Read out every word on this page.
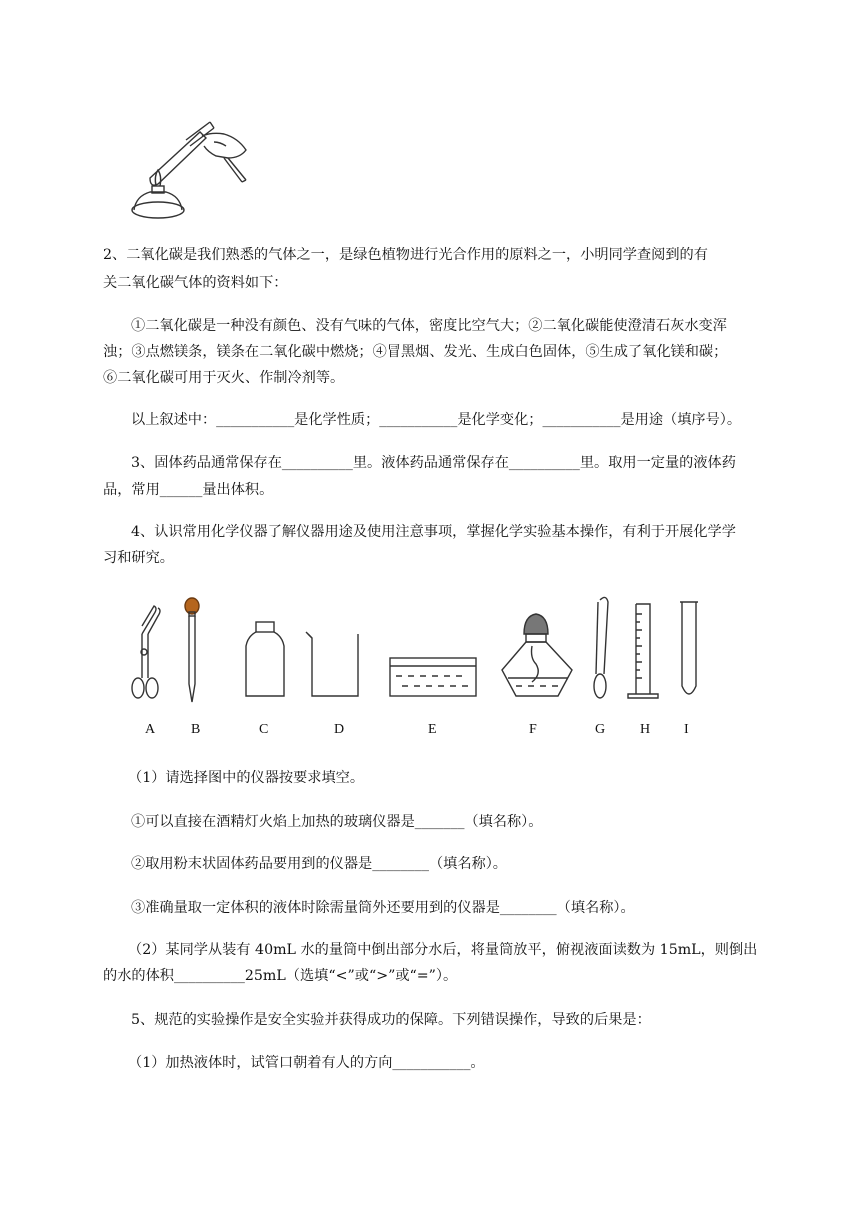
2、二氧化碳是我们熟悉的气体之一，是绿色植物进行光合作用的原料之一，小明同学查阅到的有
关二氧化碳气体的资料如下：
①二氧化碳是一种没有颜色、没有气味的气体，密度比空气大；②二氧化碳能使澄清石灰水变浑
浊；③点燃镁条，镁条在二氧化碳中燃烧；④冒黑烟、发光、生成白色固体，⑤生成了氧化镁和碳；
⑥二氧化碳可用于灭火、作制冷剂等。
以上叙述中：___________是化学性质；___________是化学变化；___________是用途（填序号）。
3、固体药品通常保存在__________里。液体药品通常保存在__________里。取用一定量的液体药
品，常用______量出体积。
4、认识常用化学仪器了解仪器用途及使用注意事项，掌握化学实验基本操作，有利于开展化学学
习和研究。
A	B	C	D	E	F	G H I
（1）请选择图中的仪器按要求填空。
①可以直接在酒精灯火焰上加热的玻璃仪器是_______（填名称）。
②取用粉末状固体药品要用到的仪器是________（填名称）。
③准确量取一定体积的液体时除需量筒外还要用到的仪器是________（填名称）。
（2）某同学从装有 40mL 水的量筒中倒出部分水后，将量筒放平，俯视液面读数为 15mL，则倒出
的水的体积__________25mL（选填“<”或“>”或“=”）。
5、规范的实验操作是安全实验并获得成功的保障。下列错误操作，导致的后果是：
（1）加热液体时，试管口朝着有人的方向___________。
